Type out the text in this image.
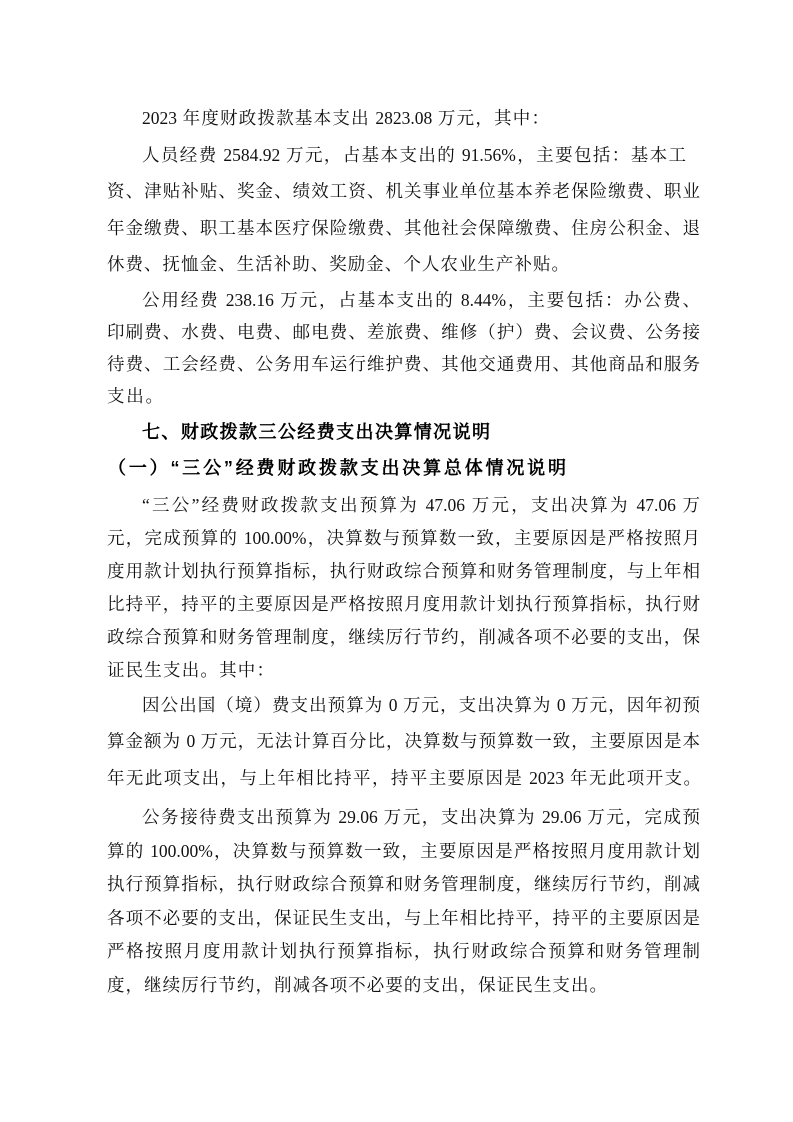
2023 年度财政拨款基本支出 2823.08 万元，其中：
人员经费 2584.92 万元，占基本支出的 91.56%，主要包括：基本工
资、津贴补贴、奖金、绩效工资、机关事业单位基本养老保险缴费、职业
年金缴费、职工基本医疗保险缴费、其他社会保障缴费、住房公积金、退
休费、抚恤金、生活补助、奖励金、个人农业生产补贴。
公用经费 238.16 万元，占基本支出的 8.44%，主要包括：办公费、
印刷费、水费、电费、邮电费、差旅费、维修（护）费、会议费、公务接
待费、工会经费、公务用车运行维护费、其他交通费用、其他商品和服务
支出。
七、财政拨款三公经费支出决算情况说明
（一）“三公”经费财政拨款支出决算总体情况说明
“三公”经费财政拨款支出预算为 47.06 万元，支出决算为 47.06 万
元，完成预算的 100.00%，决算数与预算数一致，主要原因是严格按照月
度用款计划执行预算指标，执行财政综合预算和财务管理制度，与上年相
比持平，持平的主要原因是严格按照月度用款计划执行预算指标，执行财
政综合预算和财务管理制度，继续厉行节约，削减各项不必要的支出，保
证民生支出。其中：
因公出国（境）费支出预算为 0 万元，支出决算为 0 万元，因年初预
算金额为 0 万元，无法计算百分比，决算数与预算数一致，主要原因是本
年无此项支出，与上年相比持平，持平主要原因是 2023 年无此项开支。
公务接待费支出预算为 29.06 万元，支出决算为 29.06 万元，完成预
算的 100.00%，决算数与预算数一致，主要原因是严格按照月度用款计划
执行预算指标，执行财政综合预算和财务管理制度，继续厉行节约，削减
各项不必要的支出，保证民生支出，与上年相比持平，持平的主要原因是
严格按照月度用款计划执行预算指标，执行财政综合预算和财务管理制
度，继续厉行节约，削减各项不必要的支出，保证民生支出。
